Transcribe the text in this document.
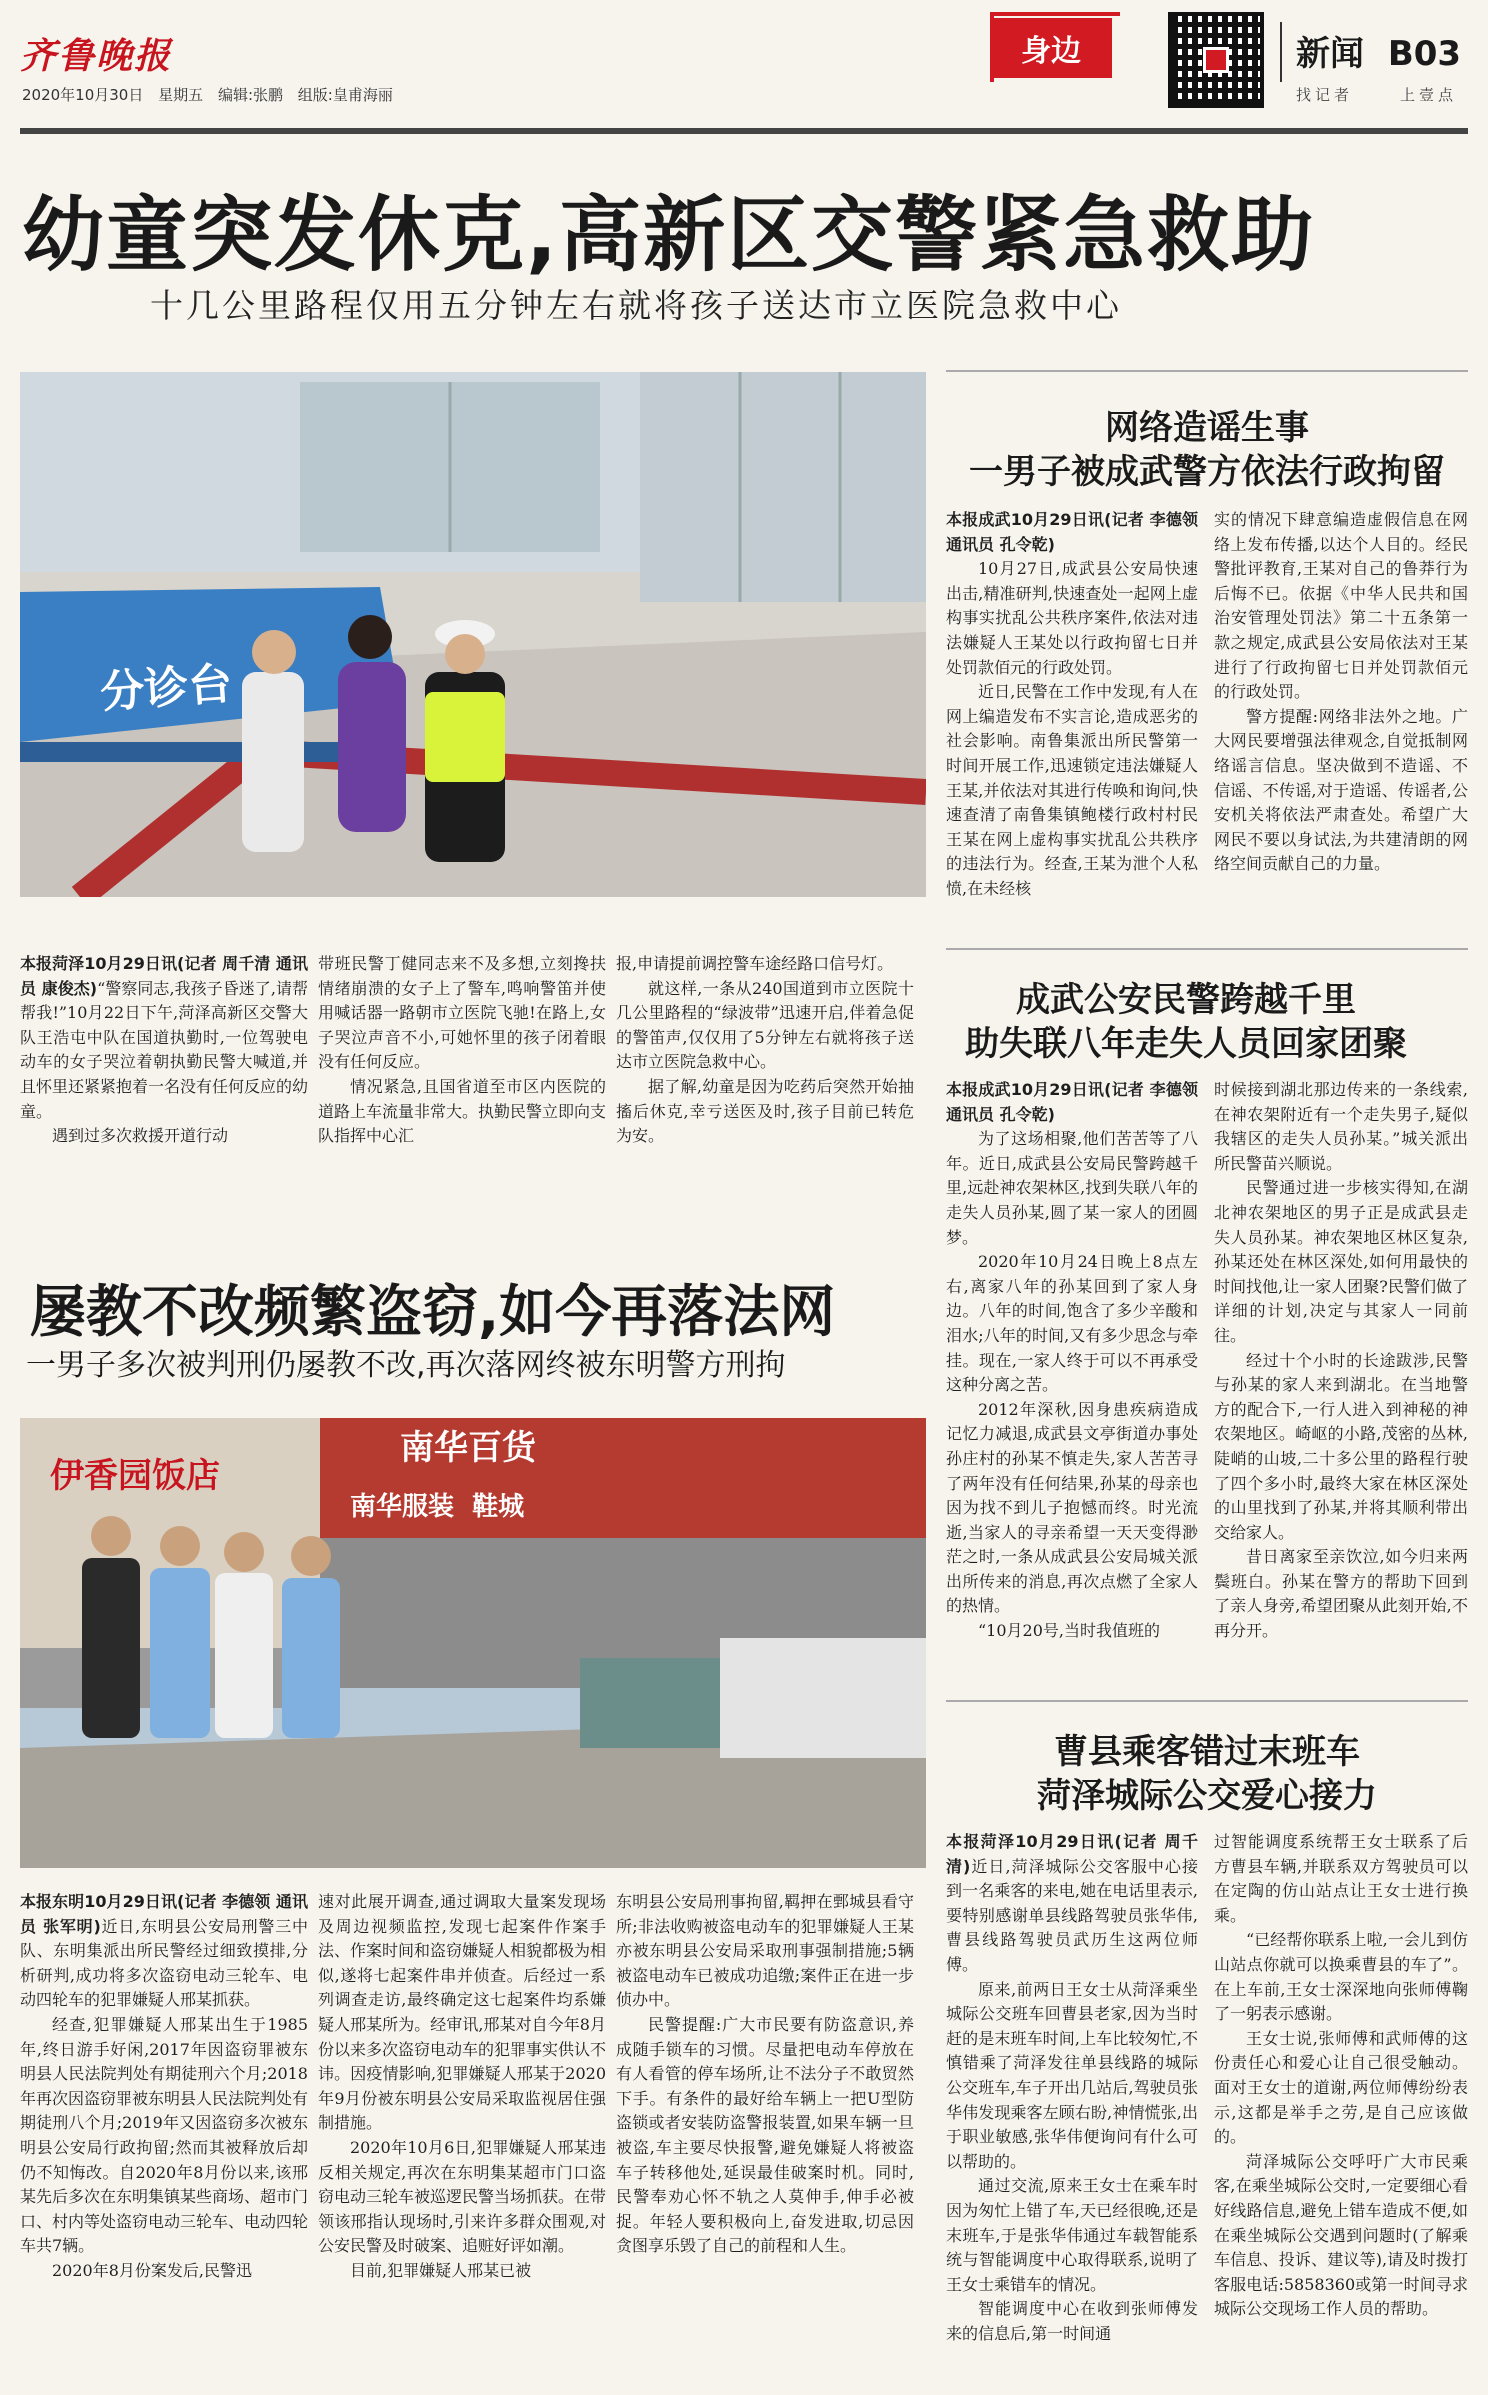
齐鲁晚报
2020年10月30日 星期五 编辑:张鹏 组版:皇甫海丽
身边	新闻 B03
找记者	上壹点
幼童突发休克,高新区交警紧急救助
十几公里路程仅用五分钟左右就将孩子送达市立医院急救中心
分诊台

本报菏泽10月29日讯(记者 周千清 通讯员 康俊杰)“警察同志,我孩子昏迷了,请帮帮我!”10月22日下午,菏泽高新区交警大队王浩屯中队在国道执勤时,一位驾驶电动车的女子哭泣着朝执勤民警大喊道,并且怀里还紧紧抱着一名没有任何反应的幼童。

遇到过多次救援开道行动

带班民警丁健同志来不及多想,立刻搀扶情绪崩溃的女子上了警车,鸣响警笛并使用喊话器一路朝市立医院飞驰!在路上,女子哭泣声音不小,可她怀里的孩子闭着眼没有任何反应。

情况紧急,且国省道至市区内医院的道路上车流量非常大。执勤民警立即向支队指挥中心汇

报,申请提前调控警车途经路口信号灯。

就这样,一条从240国道到市立医院十几公里路程的“绿波带”迅速开启,伴着急促的警笛声,仅仅用了5分钟左右就将孩子送达市立医院急救中心。

据了解,幼童是因为吃药后突然开始抽搐后休克,幸亏送医及时,孩子目前已转危为安。

屡教不改频繁盗窃,如今再落法网
一男子多次被判刑仍屡教不改,再次落网终被东明警方刑拘
伊香园饭店
南华百货
南华服装  鞋城

本报东明10月29日讯(记者 李德领 通讯员 张军明)近日,东明县公安局刑警三中队、东明集派出所民警经过细致摸排,分析研判,成功将多次盗窃电动三轮车、电动四轮车的犯罪嫌疑人邢某抓获。

经查,犯罪嫌疑人邢某出生于1985年,终日游手好闲,2017年因盗窃罪被东明县人民法院判处有期徒刑六个月;2018年再次因盗窃罪被东明县人民法院判处有期徒刑八个月;2019年又因盗窃多次被东明县公安局行政拘留;然而其被释放后却仍不知悔改。自2020年8月份以来,该邢某先后多次在东明集镇某些商场、超市门口、村内等处盗窃电动三轮车、电动四轮车共7辆。

2020年8月份案发后,民警迅

速对此展开调查,通过调取大量案发现场及周边视频监控,发现七起案件作案手法、作案时间和盗窃嫌疑人相貌都极为相似,遂将七起案件串并侦查。后经过一系列调查走访,最终确定这七起案件均系嫌疑人邢某所为。经审讯,邢某对自今年8月份以来多次盗窃电动车的犯罪事实供认不讳。因疫情影响,犯罪嫌疑人邢某于2020年9月份被东明县公安局采取监视居住强制措施。

2020年10月6日,犯罪嫌疑人邢某违反相关规定,再次在东明集某超市门口盗窃电动三轮车被巡逻民警当场抓获。在带领该邢指认现场时,引来许多群众围观,对公安民警及时破案、追赃好评如潮。

目前,犯罪嫌疑人邢某已被

东明县公安局刑事拘留,羁押在鄄城县看守所;非法收购被盗电动车的犯罪嫌疑人王某亦被东明县公安局采取刑事强制措施;5辆被盗电动车已被成功追缴;案件正在进一步侦办中。

民警提醒:广大市民要有防盗意识,养成随手锁车的习惯。尽量把电动车停放在有人看管的停车场所,让不法分子不敢贸然下手。有条件的最好给车辆上一把U型防盗锁或者安装防盗警报装置,如果车辆一旦被盗,车主要尽快报警,避免嫌疑人将被盗车子转移他处,延误最佳破案时机。同时,民警奉劝心怀不轨之人莫伸手,伸手必被捉。年轻人要积极向上,奋发进取,切忌因贪图享乐毁了自己的前程和人生。

网络造谣生事
一男子被成武警方依法行政拘留

本报成武10月29日讯(记者 李德领 通讯员 孔令乾)

10月27日,成武县公安局快速出击,精准研判,快速查处一起网上虚构事实扰乱公共秩序案件,依法对违法嫌疑人王某处以行政拘留七日并处罚款佰元的行政处罚。

近日,民警在工作中发现,有人在网上编造发布不实言论,造成恶劣的社会影响。南鲁集派出所民警第一时间开展工作,迅速锁定违法嫌疑人王某,并依法对其进行传唤和询问,快速查清了南鲁集镇鲍楼行政村村民王某在网上虚构事实扰乱公共秩序的违法行为。经查,王某为泄个人私愤,在未经核

实的情况下肆意编造虚假信息在网络上发布传播,以达个人目的。经民警批评教育,王某对自己的鲁莽行为后悔不已。依据《中华人民共和国治安管理处罚法》第二十五条第一款之规定,成武县公安局依法对王某进行了行政拘留七日并处罚款佰元的行政处罚。

警方提醒:网络非法外之地。广大网民要增强法律观念,自觉抵制网络谣言信息。坚决做到不造谣、不信谣、不传谣,对于造谣、传谣者,公安机关将依法严肃查处。希望广大网民不要以身试法,为共建清朗的网络空间贡献自己的力量。

成武公安民警跨越千里
助失联八年走失人员回家团聚

本报成武10月29日讯(记者 李德领 通讯员 孔令乾)

为了这场相聚,他们苦苦等了八年。近日,成武县公安局民警跨越千里,远赴神农架林区,找到失联八年的走失人员孙某,圆了某一家人的团圆梦。

2020年10月24日晚上8点左右,离家八年的孙某回到了家人身边。八年的时间,饱含了多少辛酸和泪水;八年的时间,又有多少思念与牵挂。现在,一家人终于可以不再承受这种分离之苦。

2012年深秋,因身患疾病造成记忆力减退,成武县文亭街道办事处孙庄村的孙某不慎走失,家人苦苦寻了两年没有任何结果,孙某的母亲也因为找不到儿子抱憾而终。时光流逝,当家人的寻亲希望一天天变得渺茫之时,一条从成武县公安局城关派出所传来的消息,再次点燃了全家人的热情。

“10月20号,当时我值班的

时候接到湖北那边传来的一条线索,在神农架附近有一个走失男子,疑似我辖区的走失人员孙某。”城关派出所民警苗兴顺说。

民警通过进一步核实得知,在湖北神农架地区的男子正是成武县走失人员孙某。神农架地区林区复杂,孙某还处在林区深处,如何用最快的时间找他,让一家人团聚?民警们做了详细的计划,决定与其家人一同前往。

经过十个小时的长途跋涉,民警与孙某的家人来到湖北。在当地警方的配合下,一行人进入到神秘的神农架地区。崎岖的小路,茂密的丛林,陡峭的山坡,二十多公里的路程行驶了四个多小时,最终大家在林区深处的山里找到了孙某,并将其顺利带出交给家人。

昔日离家至亲饮泣,如今归来两鬓班白。孙某在警方的帮助下回到了亲人身旁,希望团聚从此刻开始,不再分开。

曹县乘客错过末班车
菏泽城际公交爱心接力

本报菏泽10月29日讯(记者 周千清)近日,菏泽城际公交客服中心接到一名乘客的来电,她在电话里表示,要特别感谢单县线路驾驶员张华伟,曹县线路驾驶员武历生这两位师傅。

原来,前两日王女士从菏泽乘坐城际公交班车回曹县老家,因为当时赶的是末班车时间,上车比较匆忙,不慎错乘了菏泽发往单县线路的城际公交班车,车子开出几站后,驾驶员张华伟发现乘客左顾右盼,神情慌张,出于职业敏感,张华伟便询问有什么可以帮助的。

通过交流,原来王女士在乘车时因为匆忙上错了车,天已经很晚,还是末班车,于是张华伟通过车载智能系统与智能调度中心取得联系,说明了王女士乘错车的情况。

智能调度中心在收到张师傅发来的信息后,第一时间通

过智能调度系统帮王女士联系了后方曹县车辆,并联系双方驾驶员可以在定陶的仿山站点让王女士进行换乘。

“已经帮你联系上啦,一会儿到仿山站点你就可以换乘曹县的车了”。在上车前,王女士深深地向张师傅鞠了一躬表示感谢。

王女士说,张师傅和武师傅的这份责任心和爱心让自己很受触动。面对王女士的道谢,两位师傅纷纷表示,这都是举手之劳,是自己应该做的。

菏泽城际公交呼吁广大市民乘客,在乘坐城际公交时,一定要细心看好线路信息,避免上错车造成不便,如在乘坐城际公交遇到问题时(了解乘车信息、投诉、建议等),请及时拨打客服电话:5858360或第一时间寻求城际公交现场工作人员的帮助。
